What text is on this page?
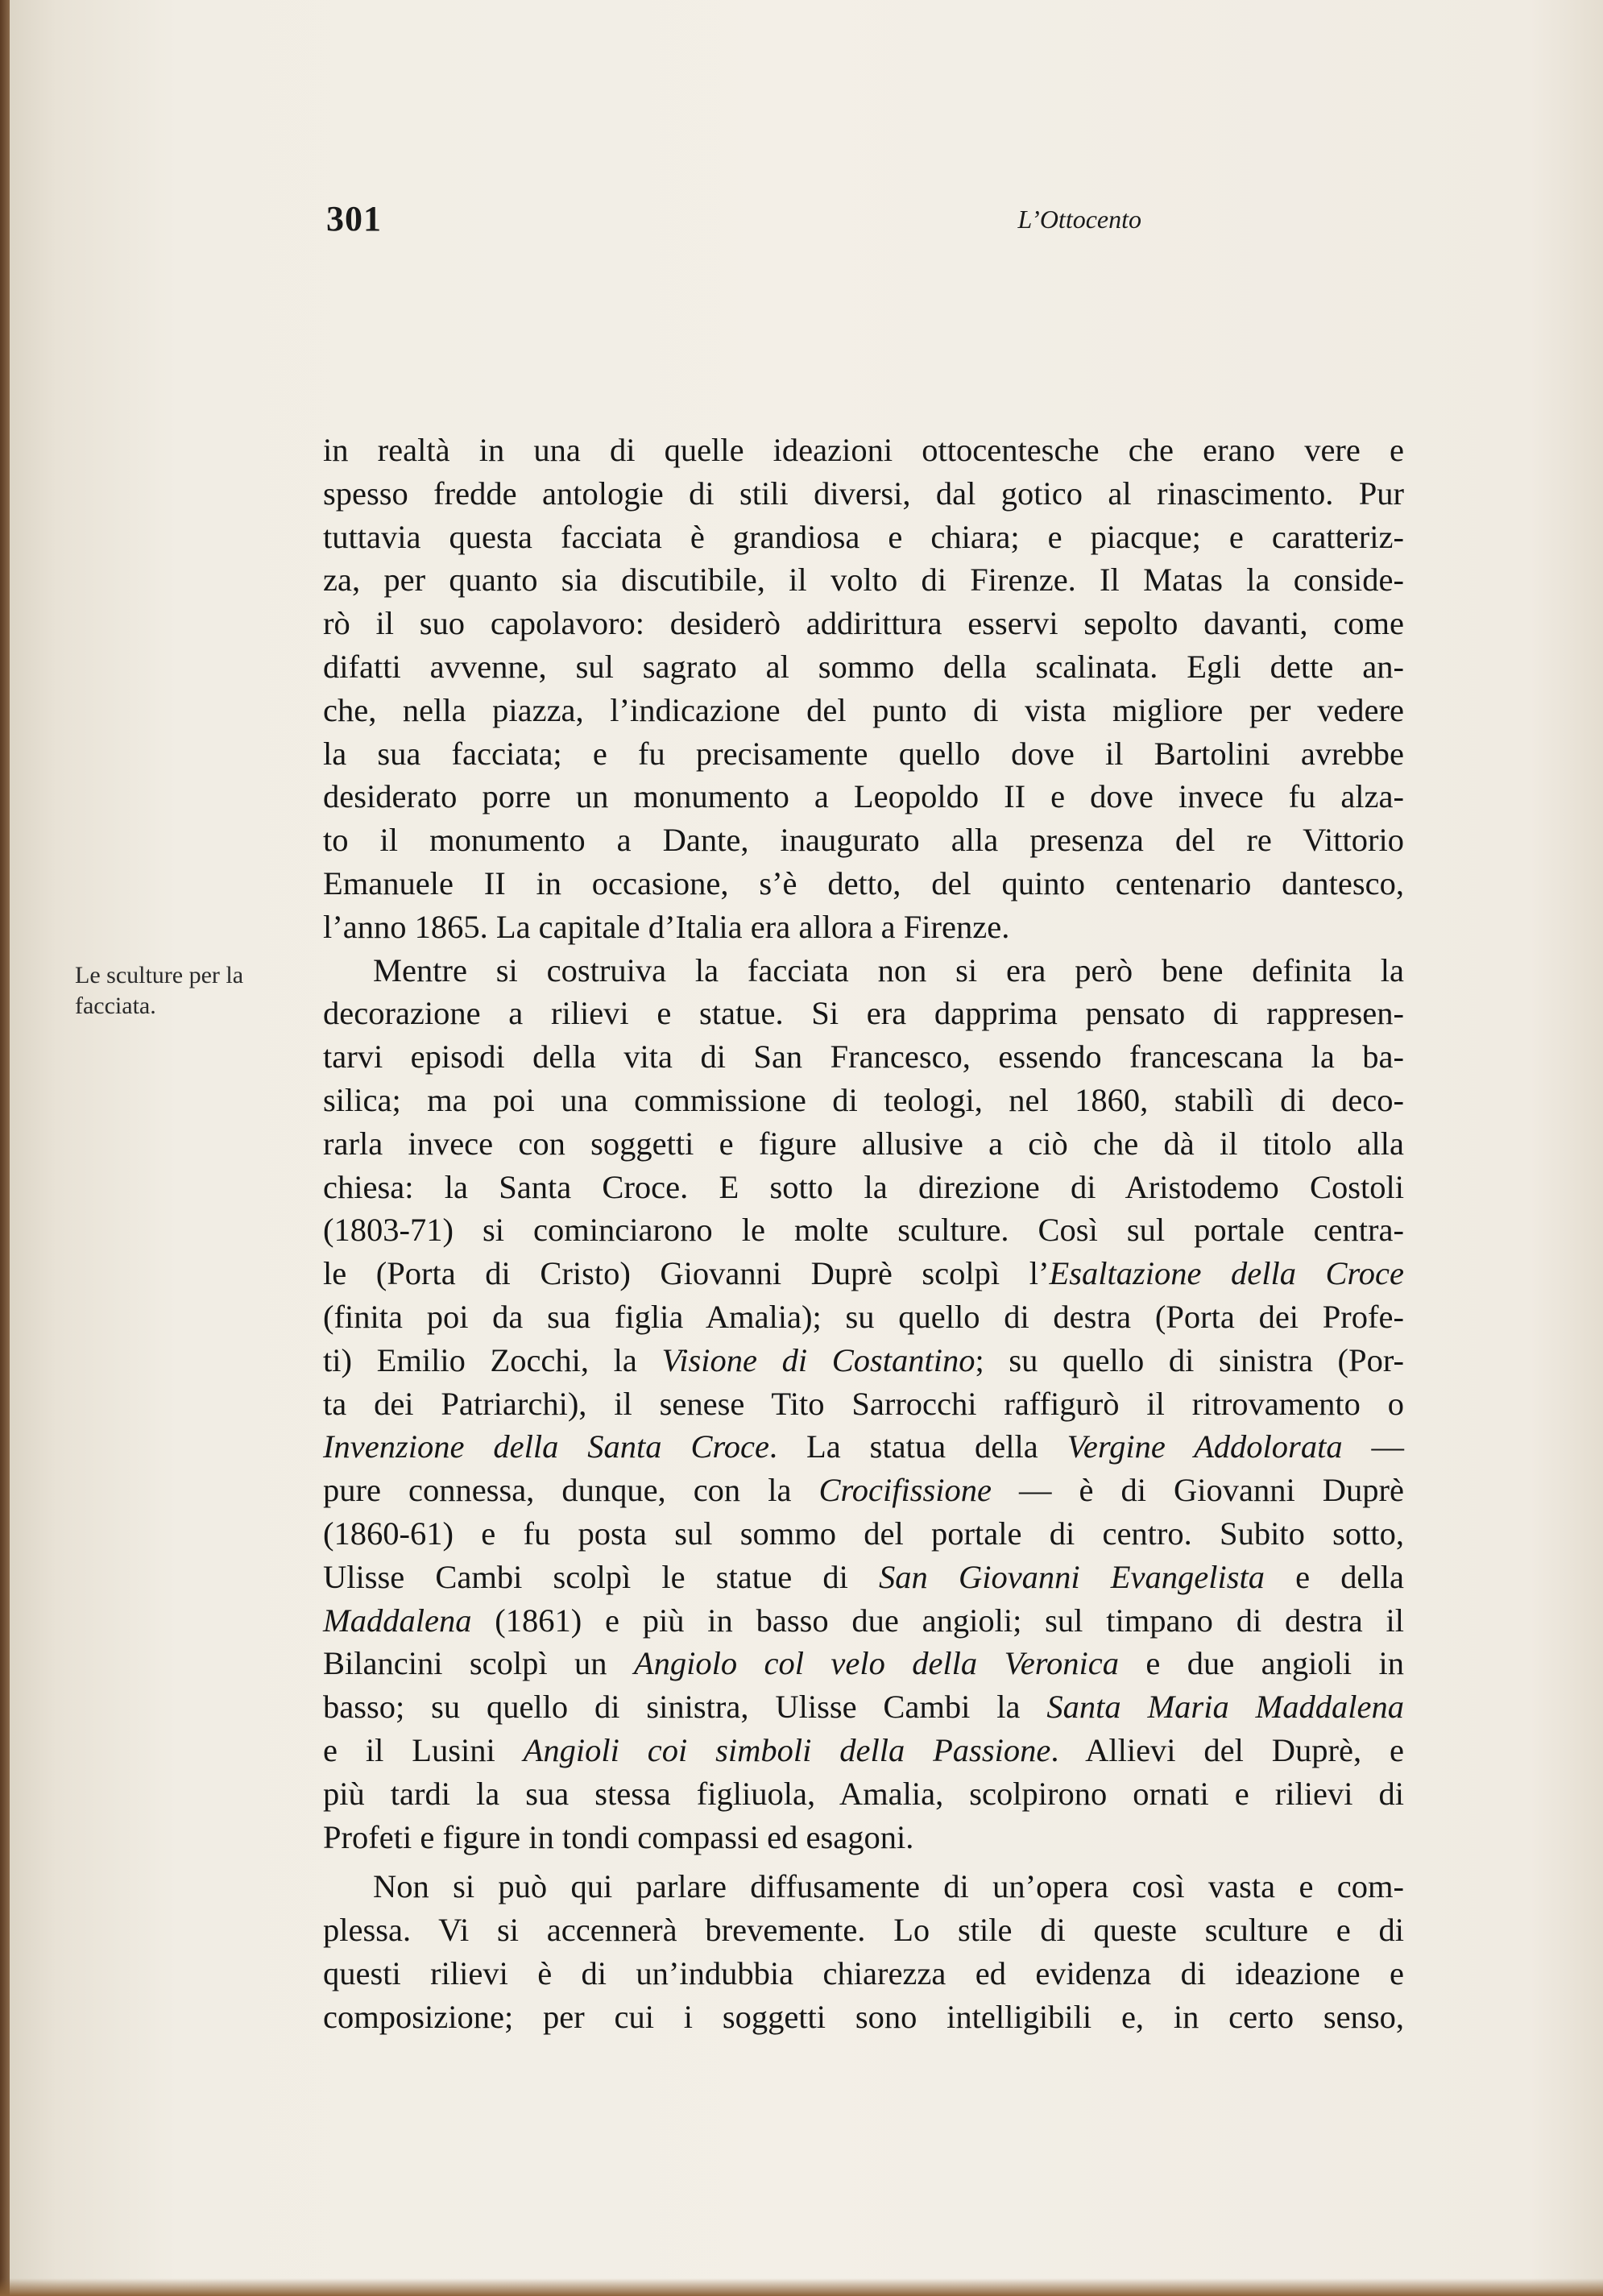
301	L’Ottocento
Le sculture per la
facciata.

in realtà in una di quelle ideazioni ottocentesche che erano vere e
spesso fredde antologie di stili diversi, dal gotico al rinascimento. Pur
tuttavia questa facciata è grandiosa e chiara; e piacque; e caratteriz-
za, per quanto sia discutibile, il volto di Firenze. Il Matas la conside-
rò il suo capolavoro: desiderò addirittura esservi sepolto davanti, come
difatti avvenne, sul sagrato al sommo della scalinata. Egli dette an-
che, nella piazza, l’indicazione del punto di vista migliore per vedere
la sua facciata; e fu precisamente quello dove il Bartolini avrebbe
desiderato porre un monumento a Leopoldo II e dove invece fu alza-
to il monumento a Dante, inaugurato alla presenza del re Vittorio
Emanuele II in occasione, s’è detto, del quinto centenario dantesco,
l’anno 1865. La capitale d’Italia era allora a Firenze.

Mentre si costruiva la facciata non si era però bene definita la
decorazione a rilievi e statue. Si era dapprima pensato di rappresen-
tarvi episodi della vita di San Francesco, essendo francescana la ba-
silica; ma poi una commissione di teologi, nel 1860, stabilì di deco-
rarla invece con soggetti e figure allusive a ciò che dà il titolo alla
chiesa: la Santa Croce. E sotto la direzione di Aristodemo Costoli
(1803-71) si cominciarono le molte sculture. Così sul portale centra-
le (Porta di Cristo) Giovanni Duprè scolpì l’Esaltazione della Croce
(finita poi da sua figlia Amalia); su quello di destra (Porta dei Profe-
ti) Emilio Zocchi, la Visione di Costantino; su quello di sinistra (Por-
ta dei Patriarchi), il senese Tito Sarrocchi raffigurò il ritrovamento o
Invenzione della Santa Croce. La statua della Vergine Addolorata —
pure connessa, dunque, con la Crocifissione — è di Giovanni Duprè
(1860-61) e fu posta sul sommo del portale di centro. Subito sotto,
Ulisse Cambi scolpì le statue di San Giovanni Evangelista e della
Maddalena (1861) e più in basso due angioli; sul timpano di destra il
Bilancini scolpì un Angiolo col velo della Veronica e due angioli in
basso; su quello di sinistra, Ulisse Cambi la Santa Maria Maddalena
e il Lusini Angioli coi simboli della Passione. Allievi del Duprè, e
più tardi la sua stessa figliuola, Amalia, scolpirono ornati e rilievi di
Profeti e figure in tondi compassi ed esagoni.

Non si può qui parlare diffusamente di un’opera così vasta e com-
plessa. Vi si accennerà brevemente. Lo stile di queste sculture e di
questi rilievi è di un’indubbia chiarezza ed evidenza di ideazione e
composizione; per cui i soggetti sono intelligibili e, in certo senso,
